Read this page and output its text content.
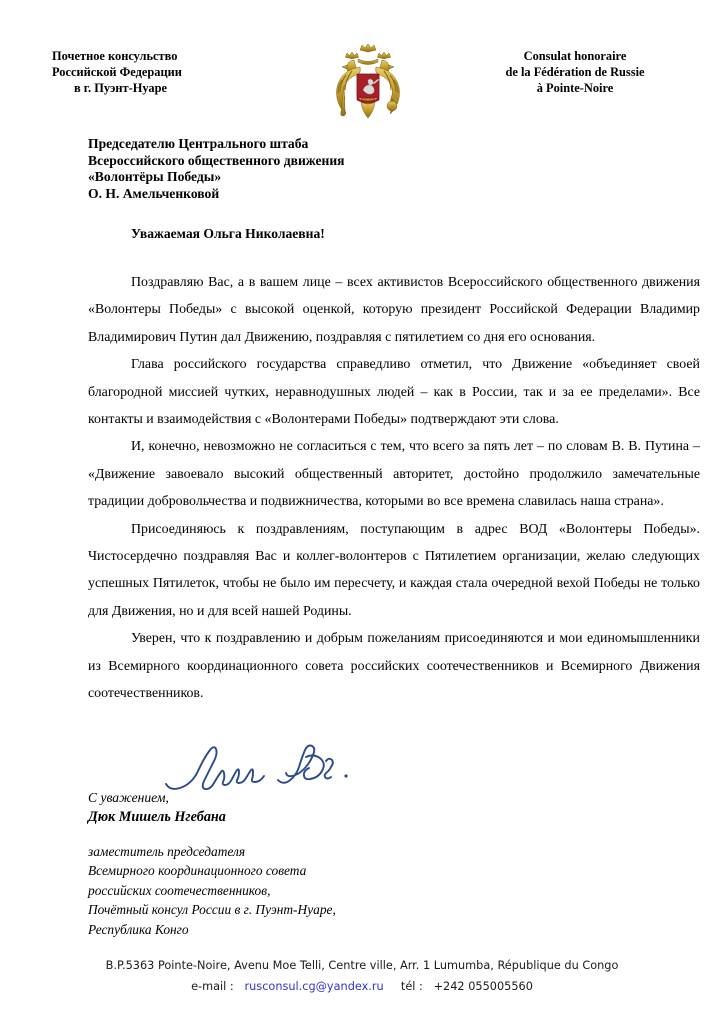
Почетное консульство
Российской Федерации
в г. Пуэнт-Нуаре
Consulat honoraire
de la Fédération de Russie
à Pointe-Noire
Председателю Центрального штаба
Всероссийского общественного движения
«Волонтёры Победы»
О. Н. Амельченковой
Уважаемая Ольга Николаевна!

Поздравляю Вас, а в вашем лице – всех активистов Всероссийского общественного движения «Волонтеры Победы» с высокой оценкой, которую президент Российской Федерации Владимир Владимирович Путин дал Движению, поздравляя с пятилетием со дня его основания.

Глава российского государства справедливо отметил, что Движение «объединяет своей благородной миссией чутких, неравнодушных людей – как в России, так и за ее пределами». Все контакты и взаимодействия с «Волонтерами Победы» подтверждают эти слова.

И, конечно, невозможно не согласиться с тем, что всего за пять лет – по словам В. В. Путина – «Движение завоевало высокий общественный авторитет, достойно продолжило замечательные традиции добровольчества и подвижничества, которыми во все времена славилась наша страна».

Присоединяюсь к поздравлениям, поступающим в адрес ВОД «Волонтеры Победы». Чистосердечно поздравляя Вас и коллег-волонтеров с Пятилетием организации, желаю следующих успешных Пятилеток, чтобы не было им пересчету, и каждая стала очередной вехой Победы не только для Движения, но и для всей нашей Родины.

Уверен, что к поздравлению и добрым пожеланиям присоединяются и мои единомышленники из Всемирного координационного совета российских соотечественников и Всемирного Движения соотечественников.

С уважением,
Дюк Мишель Нгебана
заместитель председателя
Всемирного координационного совета
российских соотечественников,
Почётный консул России в г. Пуэнт-Нуаре,
Республика Конго
B.P.5363 Pointe-Noire, Avenu Moe Telli, Centre ville, Arr. 1 Lumumba, République du Congo
e-mail : rusconsul.cg@yandex.ru tél : +242 055005560
